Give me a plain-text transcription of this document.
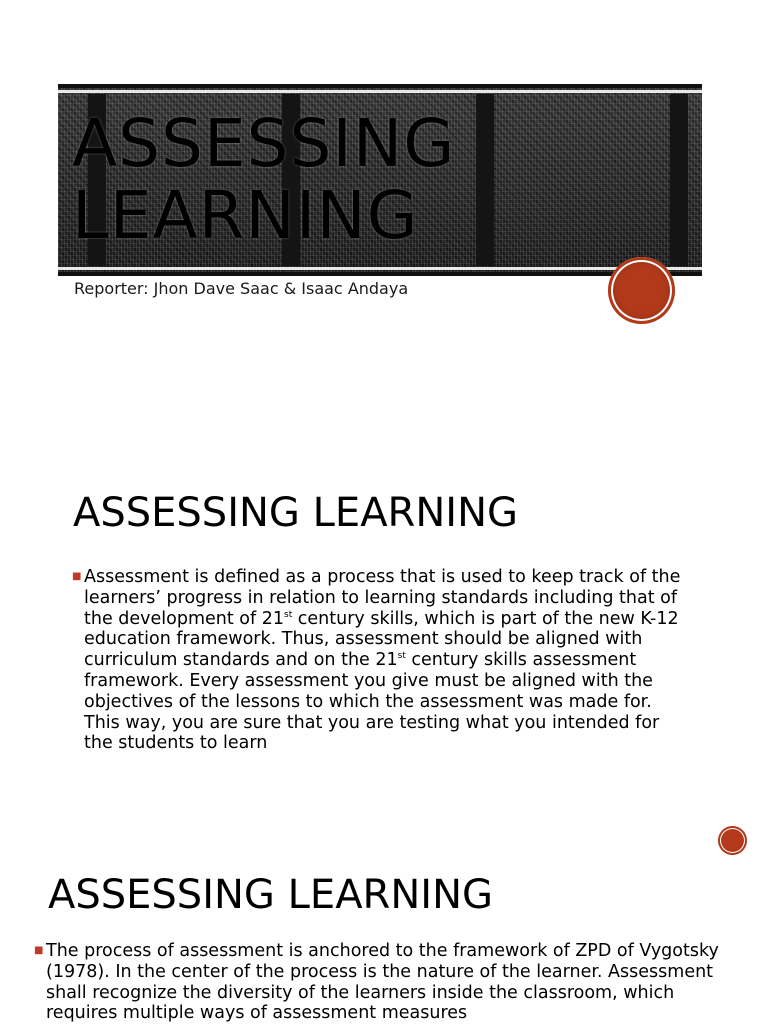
ASSESSING LEARNING

Reporter: Jhon Dave Saac & Isaac Andaya

ASSESSING LEARNING
■ Assessment is defined as a process that is used to keep track of the learners’ progress in relation to learning standards including that of the development of 21st century skills, which is part of the new K-12 education framework. Thus, assessment should be aligned with curriculum standards and on the 21st century skills assessment framework. Every assessment you give must be aligned with the objectives of the lessons to which the assessment was made for. This way, you are sure that you are testing what you intended for the students to learn
ASSESSING LEARNING
■ The process of assessment is anchored to the framework of ZPD of Vygotsky (1978). In the center of the process is the nature of the learner. Assessment shall recognize the diversity of the learners inside the classroom, which requires multiple ways of assessment measures
